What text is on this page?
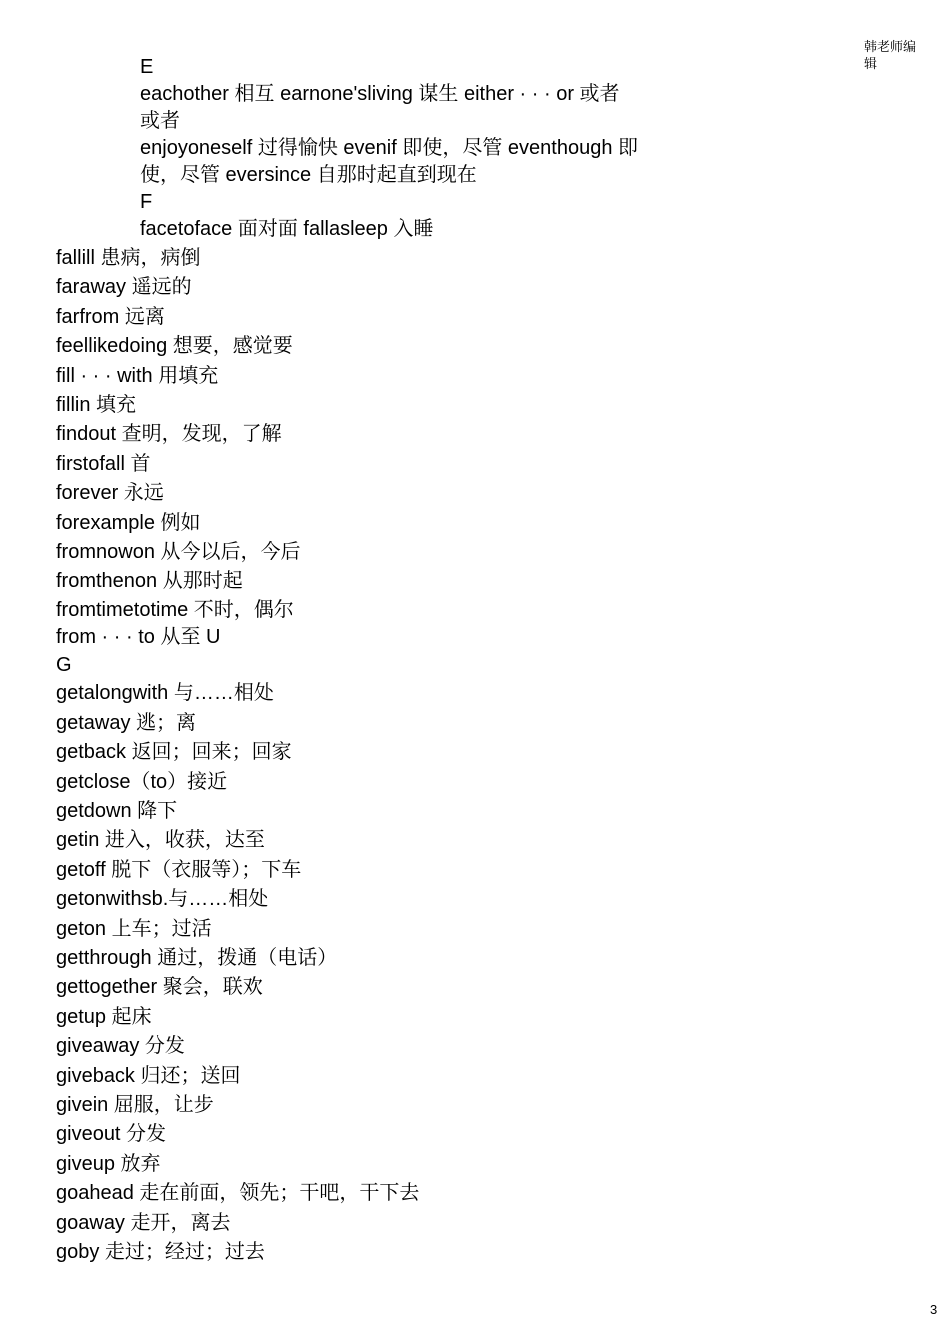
韩老师编辑
E
eachother 相互 earnone'sliving 谋生 either · · · or 或者
或者
enjoyoneself 过得愉快 evenif 即使，尽管 eventhough 即
使，尽管 eversince 自那时起直到现在
F
facetoface 面对面 fallasleep 入睡
fallill 患病，病倒
faraway 遥远的
farfrom 远离
feellikedoing 想要，感觉要
fill · · · with 用填充
fillin 填充
findout 查明，发现，了解
firstofall 首
forever 永远
forexample 例如
fromnowon 从今以后，今后
fromthenon 从那时起
fromtimetotime 不时，偶尔
from · · · to 从至 U
G
getalongwith 与……相处
getaway 逃；离
getback 返回；回来；回家
getclose（to）接近
getdown 降下
getin 进入，收获，达至
getoff 脱下（衣服等）；下车
getonwithsb.与……相处
geton 上车；过活
getthrough 通过，拨通（电话）
gettogether 聚会，联欢
getup 起床
giveaway 分发
giveback 归还；送回
givein 屈服，让步
giveout 分发
giveup 放弃
goahead 走在前面，领先；干吧，干下去
goaway 走开，离去
goby 走过；经过；过去
3
